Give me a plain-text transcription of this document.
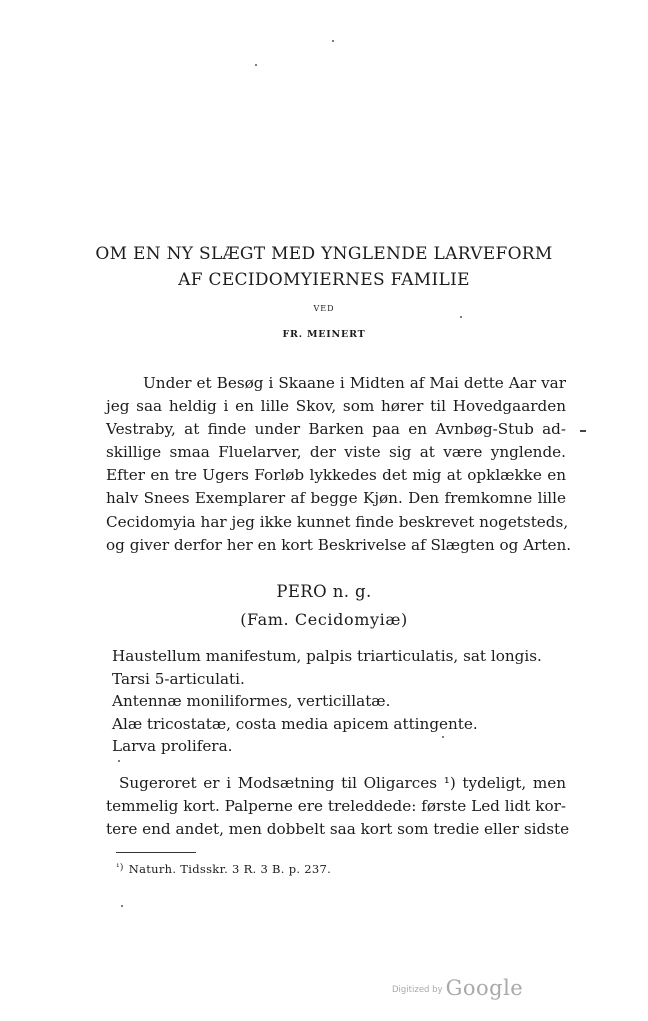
OM EN NY SLÆGT MED YNGLENDE LARVEFORM
AF CECIDOMYIERNES FAMILIE
VED
FR. MEINERT
Under et Besøg i Skaane i Midten af Mai dette Aar var
jeg saa heldig i en lille Skov, som hører til Hovedgaarden
Vestraby, at finde under Barken paa en Avnbøg-Stub ad-
skillige smaa Fluelarver, der viste sig at være ynglende.
Efter en tre Ugers Forløb lykkedes det mig at opklække en
halv Snees Exemplarer af begge Kjøn. Den fremkomne lille
Cecidomyia har jeg ikke kunnet finde beskrevet nogetsteds,
og giver derfor her en kort Beskrivelse af Slægten og Arten.
PERO n. g.
(Fam. Cecidomyiæ)
Haustellum manifestum, palpis triarticulatis, sat longis.
Tarsi 5-articulati.
Antennæ moniliformes, verticillatæ.
Alæ tricostatæ, costa media apicem attingente.
Larva prolifera.
Sugeroret er i Modsætning til Oligarces ¹) tydeligt, men
temmelig kort. Palperne ere treleddede: første Led lidt kor-
tere end andet, men dobbelt saa kort som tredie eller sidste
$^{^1)}$ Naturh. Tidsskr. 3 R. 3 B. p. 237.
Digitized by Google
